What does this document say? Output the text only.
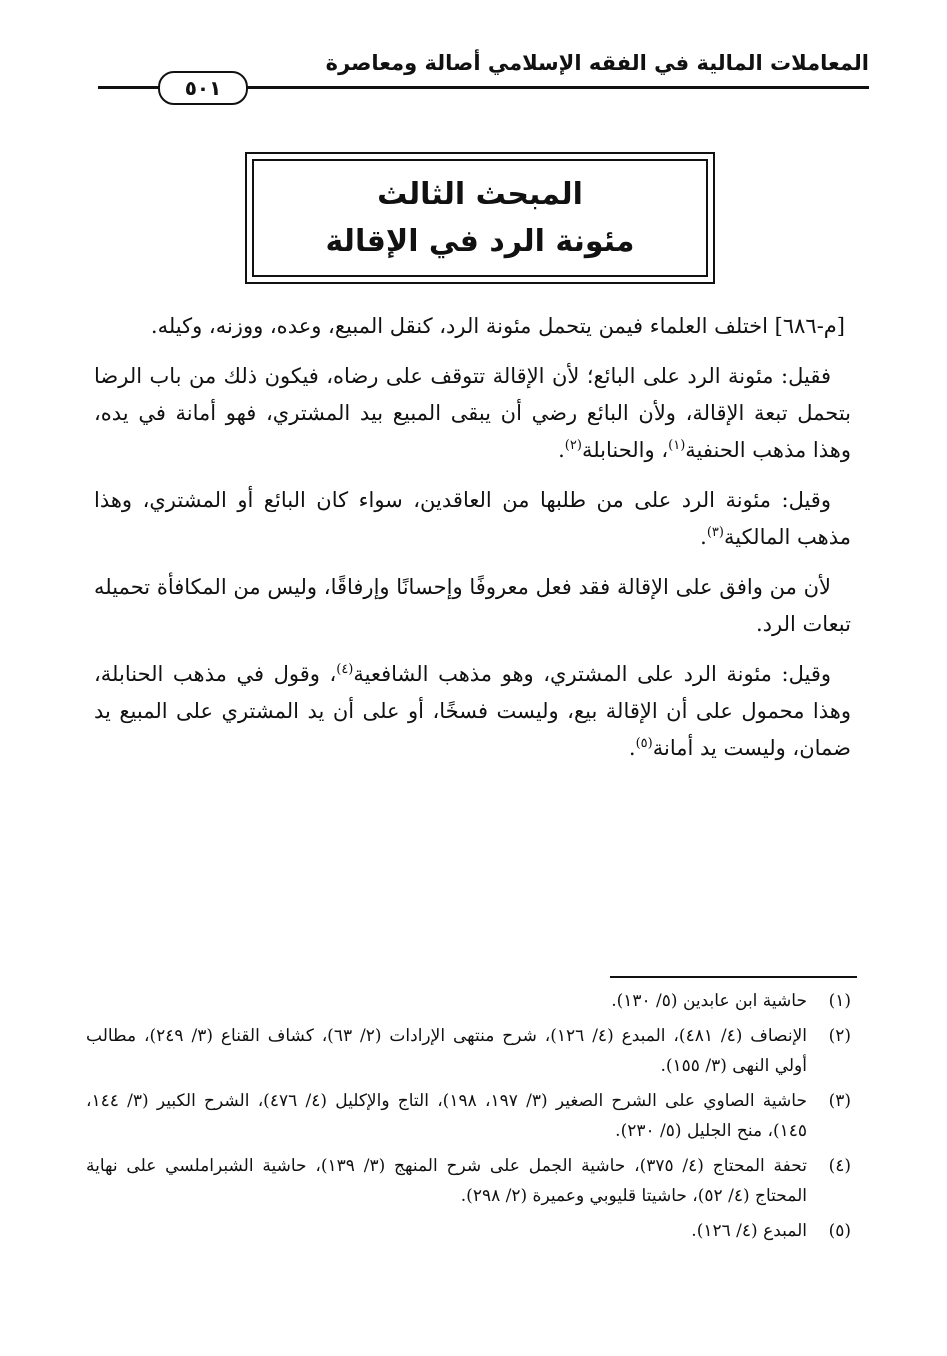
المعاملات المالية في الفقه الإسلامي أصالة ومعاصرة
٥٠١
المبحث الثالث
مئونة الرد في الإقالة

[م-٦٨٦] اختلف العلماء فيمن يتحمل مئونة الرد، كنقل المبيع، وعده، ووزنه، وكيله.

فقيل: مئونة الرد على البائع؛ لأن الإقالة تتوقف على رضاه، فيكون ذلك من باب الرضا بتحمل تبعة الإقالة، ولأن البائع رضي أن يبقى المبيع بيد المشتري، فهو أمانة في يده، وهذا مذهب الحنفية$^{(١)}$، والحنابلة$^{(٢)}$.

وقيل: مئونة الرد على من طلبها من العاقدين، سواء كان البائع أو المشتري، وهذا مذهب المالكية$^{(٣)}$.

لأن من وافق على الإقالة فقد فعل معروفًا وإحسانًا وإرفاقًا، وليس من المكافأة تحميله تبعات الرد.

وقيل: مئونة الرد على المشتري، وهو مذهب الشافعية$^{(٤)}$، وقول في مذهب الحنابلة، وهذا محمول على أن الإقالة بيع، وليست فسخًا، أو على أن يد المشتري على المبيع يد ضمان، وليست يد أمانة$^{(٥)}$.

(١)
حاشية ابن عابدين (٥/ ١٣٠).
(٢)
الإنصاف (٤/ ٤٨١)، المبدع (٤/ ١٢٦)، شرح منتهى الإرادات (٢/ ٦٣)، كشاف القناع (٣/ ٢٤٩)، مطالب أولي النهى (٣/ ١٥٥).
(٣)
حاشية الصاوي على الشرح الصغير (٣/ ١٩٧، ١٩٨)، التاج والإكليل (٤/ ٤٧٦)، الشرح الكبير (٣/ ١٤٤، ١٤٥)، منح الجليل (٥/ ٢٣٠).
(٤)
تحفة المحتاج (٤/ ٣٧٥)، حاشية الجمل على شرح المنهج (٣/ ١٣٩)، حاشية الشبراملسي على نهاية المحتاج (٤/ ٥٢)، حاشيتا قليوبي وعميرة (٢/ ٢٩٨).
(٥)
المبدع (٤/ ١٢٦).
